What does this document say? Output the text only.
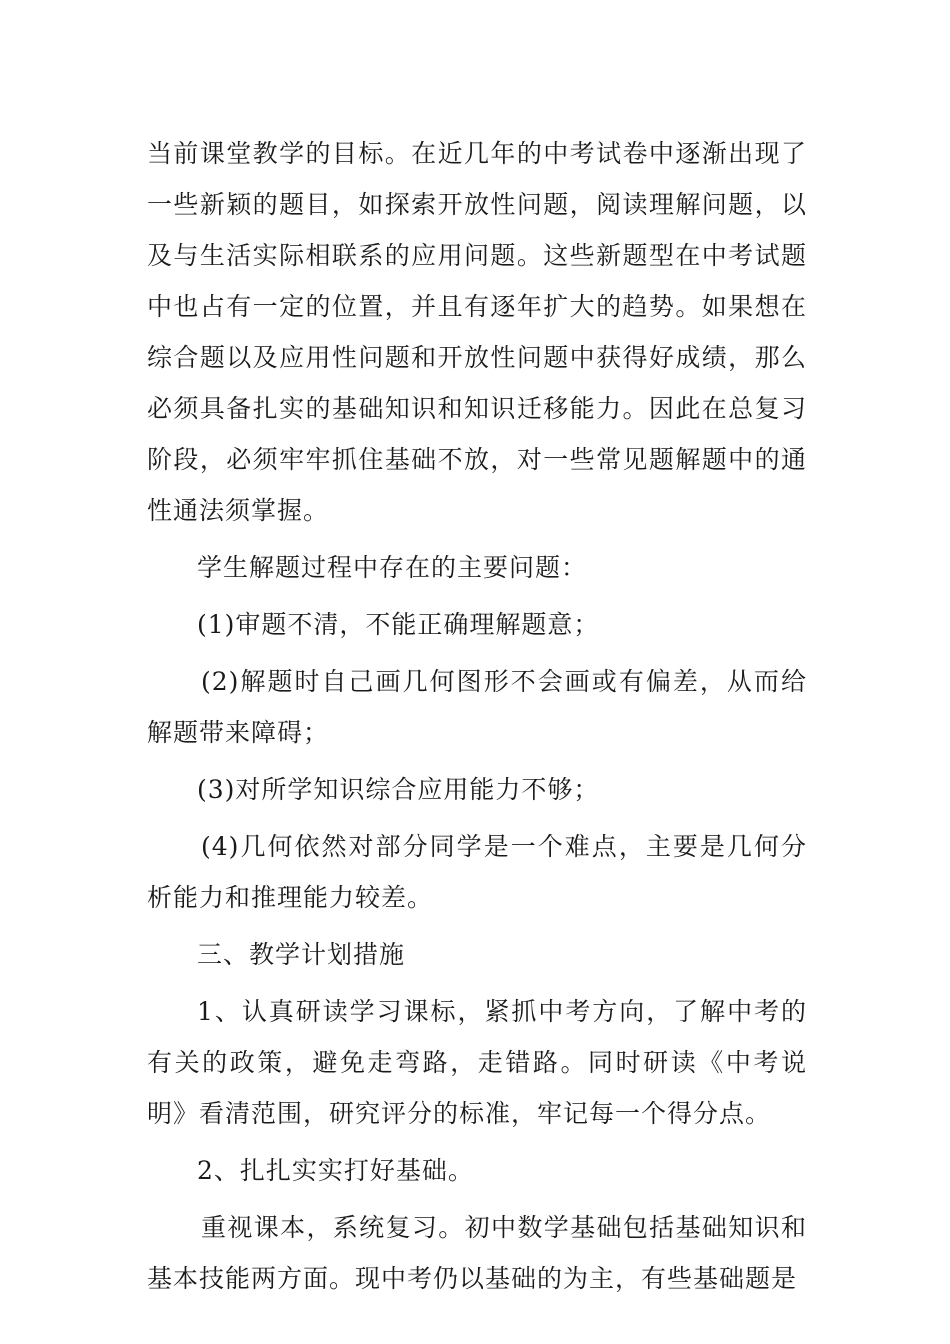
当前课堂教学的目标。在近几年的中考试卷中逐渐出现了一些新颖的题目，如探索开放性问题，阅读理解问题，以及与生活实际相联系的应用问题。这些新题型在中考试题中也占有一定的位置，并且有逐年扩大的趋势。如果想在综合题以及应用性问题和开放性问题中获得好成绩，那么必须具备扎实的基础知识和知识迁移能力。因此在总复习阶段，必须牢牢抓住基础不放，对一些常见题解题中的通性通法须掌握。

学生解题过程中存在的主要问题：

(1)审题不清，不能正确理解题意；

(2)解题时自己画几何图形不会画或有偏差，从而给解题带来障碍；

(3)对所学知识综合应用能力不够；

(4)几何依然对部分同学是一个难点，主要是几何分析能力和推理能力较差。

三、教学计划措施

1、认真研读学习课标，紧抓中考方向，了解中考的有关的政策，避免走弯路，走错路。同时研读《中考说明》看清范围，研究评分的标准，牢记每一个得分点。

2、扎扎实实打好基础。

重视课本，系统复习。初中数学基础包括基础知识和基本技能两方面。现中考仍以基础的为主，有些基础题是
